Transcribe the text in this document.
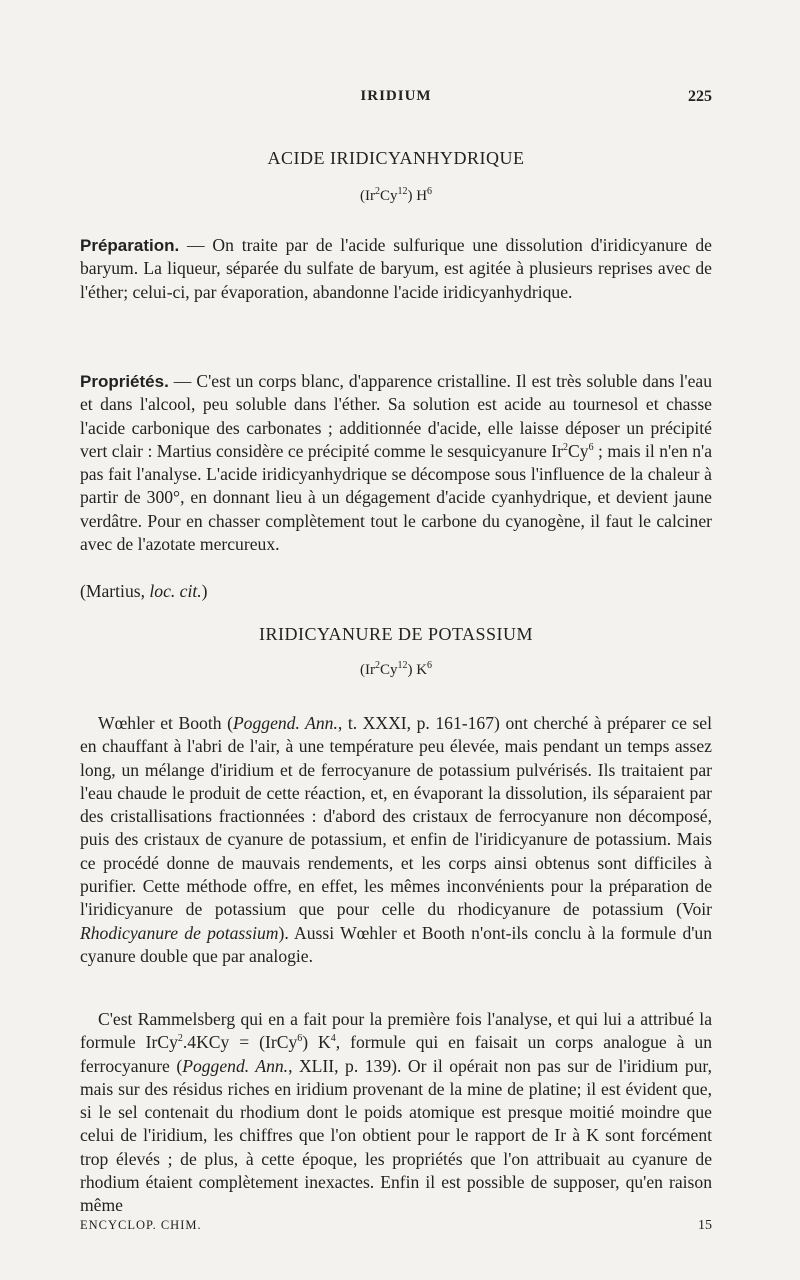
IRIDIUM	225
ACIDE IRIDICYANHYDRIQUE
(Ir$^2$Cy$^{12}$) $H^6$

Préparation. — On traite par de l'acide sulfurique une dissolution d'iridicyanure de baryum. La liqueur, séparée du sulfate de baryum, est agitée à plusieurs reprises avec de l'éther; celui-ci, par évaporation, abandonne l'acide iridicyanhydrique.

Propriétés. — C'est un corps blanc, d'apparence cristalline. Il est très soluble dans l'eau et dans l'alcool, peu soluble dans l'éther. Sa solution est acide au tournesol et chasse l'acide carbonique des carbonates ; additionnée d'acide, elle laisse déposer un précipité vert clair : Martius considère ce précipité comme le sesquicyanure Ir$^2$Cy$^6$ ; mais il n'en n'a pas fait l'analyse. L'acide iridicyanhydrique se décompose sous l'influence de la chaleur à partir de 300°, en donnant lieu à un dégagement d'acide cyanhydrique, et devient jaune verdâtre. Pour en chasser complètement tout le carbone du cyanogène, il faut le calciner avec de l'azotate mercureux.

(Martius, loc. cit.)

IRIDICYANURE DE POTASSIUM
(Ir$^2$Cy$^{12}$) $K^6$

Wœhler et Booth (Poggend. Ann., t. XXXI, p. 161-167) ont cherché à préparer ce sel en chauffant à l'abri de l'air, à une température peu élevée, mais pendant un temps assez long, un mélange d'iridium et de ferrocyanure de potassium pulvérisés. Ils traitaient par l'eau chaude le produit de cette réaction, et, en évaporant la dissolution, ils séparaient par des cristallisations fractionnées : d'abord des cristaux de ferrocyanure non décomposé, puis des cristaux de cyanure de potassium, et enfin de l'iridicyanure de potassium. Mais ce procédé donne de mauvais rendements, et les corps ainsi obtenus sont difficiles à purifier. Cette méthode offre, en effet, les mêmes inconvénients pour la préparation de l'iridicyanure de potassium que pour celle du rhodicyanure de potassium (Voir Rhodicyanure de potassium). Aussi Wœhler et Booth n'ont-ils conclu à la formule d'un cyanure double que par analogie.

C'est Rammelsberg qui en a fait pour la première fois l'analyse, et qui lui a attribué la formule IrCy$^2$.4KCy = (IrCy$^6$) $K^4$, formule qui en faisait un corps analogue à un ferrocyanure (Poggend. Ann., XLII, p. 139). Or il opérait non pas sur de l'iridium pur, mais sur des résidus riches en iridium provenant de la mine de platine; il est évident que, si le sel contenait du rhodium dont le poids atomique est presque moitié moindre que celui de l'iridium, les chiffres que l'on obtient pour le rapport de Ir à K sont forcément trop élevés ; de plus, à cette époque, les propriétés que l'on attribuait au cyanure de rhodium étaient complètement inexactes. Enfin il est possible de supposer, qu'en raison même

ENCYCLOP. CHIM.	15
